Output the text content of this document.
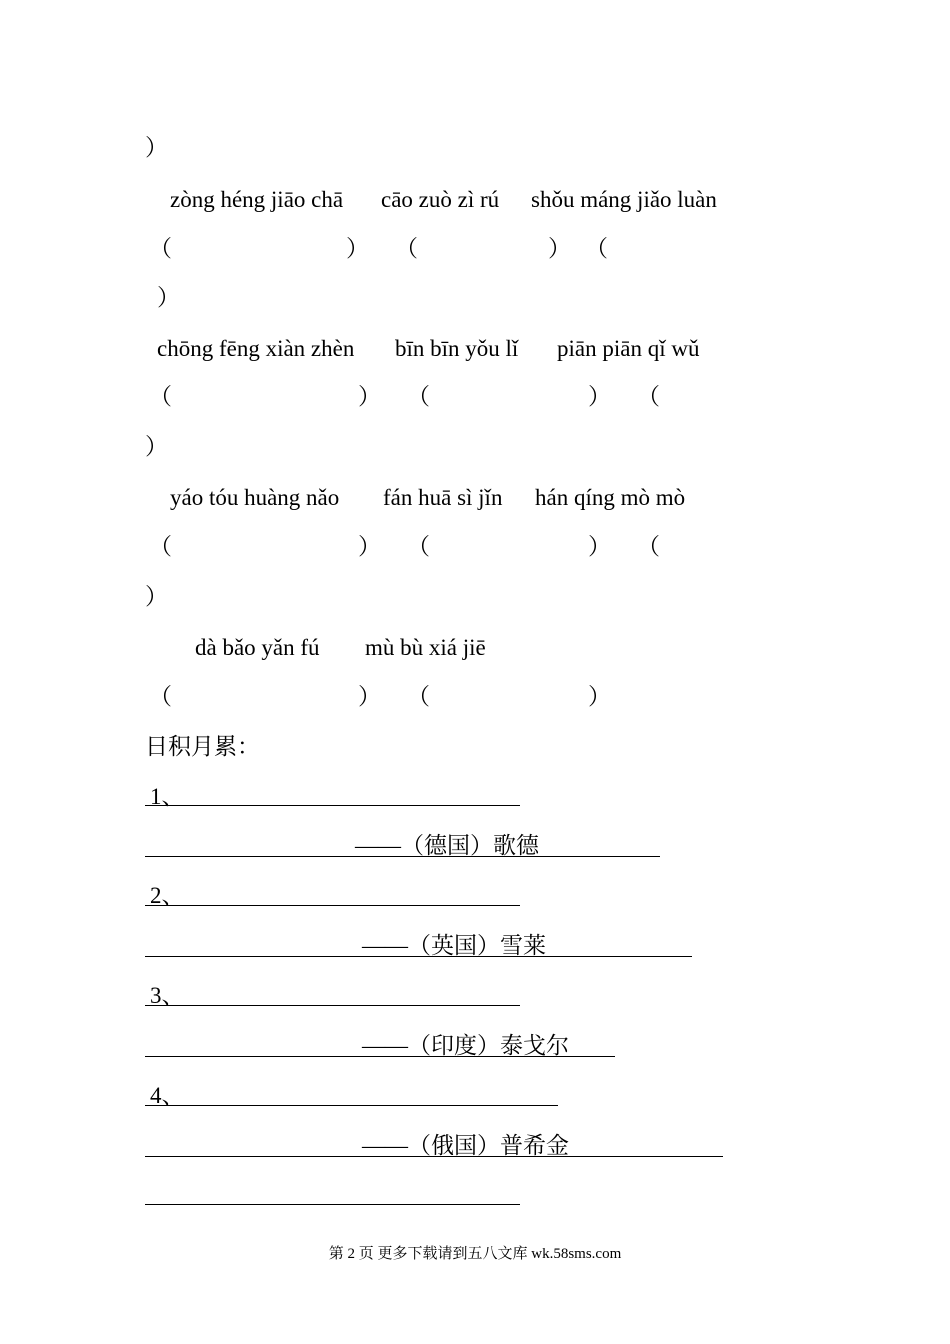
）
zòng héng jiāo chā cāo zuò zì rú shǒu máng jiǎo luàn
（	） （	） （
）
chōng fēng xiàn zhèn bīn bīn yǒu lǐ piān piān qǐ wǔ
（	） （	） （
）
yáo tóu huàng nǎo fán huā sì jǐn hán qíng mò mò
（	） （	） （
）
dà bǎo yǎn fú mù bù xiá jiē
（	） （	）
日积月累：
1、
——（德国）歌德
2、
——（英国）雪莱
3、
——（印度）泰戈尔
4、
——（俄国）普希金
第 2 页 更多下载请到五八文库 wk.58sms.com
